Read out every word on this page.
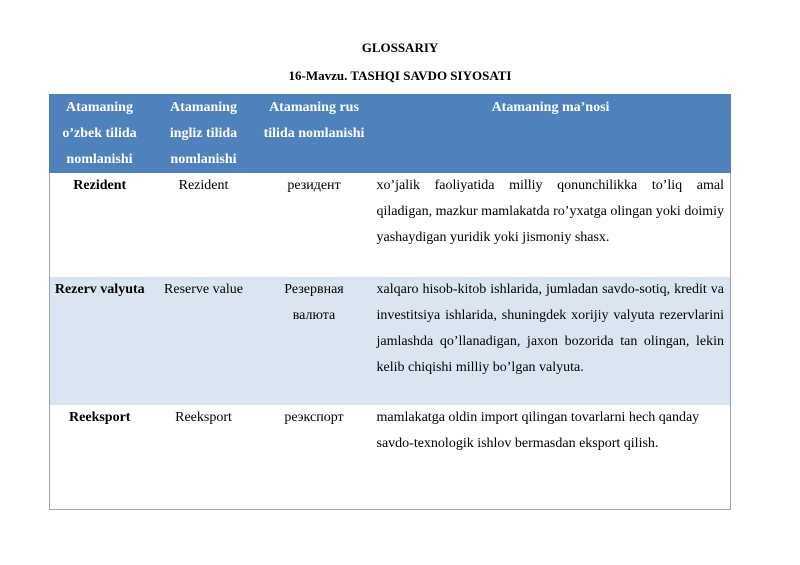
GLOSSARIY
16-Mavzu. TASHQI SAVDO SIYOSATI
Atamaning o’zbek tilida nomlanishi	Atamaning ingliz tilida nomlanishi	Atamaning rus tilida nomlanishi	Atamaning ma’nosi
Rezident	Rezident	резидент	xo’jalik faoliyatida milliy qonunchilikka to’liq amal qiladigan, mazkur mamlakatda ro’yxatga olingan yoki doimiy yashaydigan yuridik yoki jismoniy shasx.
Rezerv valyuta	Reserve value	Резервная валюта	xalqaro hisob-kitob ishlarida, jumladan savdo-sotiq, kredit va investitsiya ishlarida, shuningdek xorijiy valyuta rezervlarini jamlashda qo’llanadigan, jaxon bozorida tan olingan, lekin kelib chiqishi milliy bo’lgan valyuta.
Reeksport	Reeksport	реэкспорт	mamlakatga oldin import qilingan tovarlarni hech qanday savdo-texnologik ishlov bermasdan eksport qilish.
